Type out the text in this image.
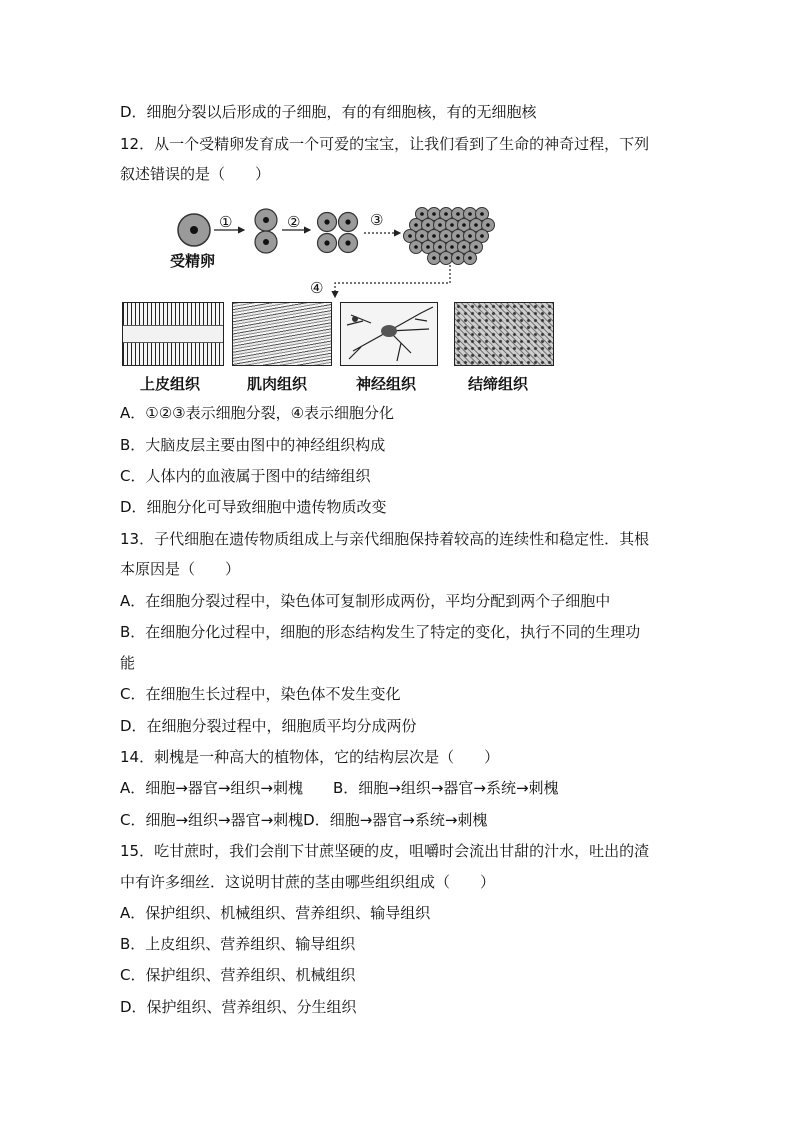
D．细胞分裂以后形成的子细胞，有的有细胞核，有的无细胞核
12．从一个受精卵发育成一个可爱的宝宝，让我们看到了生命的神奇过程，下列
叙述错误的是（　　）
受精卵
①	②	③
④
上皮组织	肌肉组织	神经组织	结缔组织
A．①②③表示细胞分裂，④表示细胞分化
B．大脑皮层主要由图中的神经组织构成
C．人体内的血液属于图中的结缔组织
D．细胞分化可导致细胞中遗传物质改变
13．子代细胞在遗传物质组成上与亲代细胞保持着较高的连续性和稳定性．其根
本原因是（　　）
A．在细胞分裂过程中，染色体可复制形成两份，平均分配到两个子细胞中
B．在细胞分化过程中，细胞的形态结构发生了特定的变化，执行不同的生理功
能
C．在细胞生长过程中，染色体不发生变化
D．在细胞分裂过程中，细胞质平均分成两份
14．刺槐是一种高大的植物体，它的结构层次是（　　）
A．细胞→器官→组织→刺槐　　B．细胞→组织→器官→系统→刺槐
C．细胞→组织→器官→刺槐D．细胞→器官→系统→刺槐
15．吃甘蔗时，我们会削下甘蔗坚硬的皮，咀嚼时会流出甘甜的汁水，吐出的渣
中有许多细丝．这说明甘蔗的茎由哪些组织组成（　　）
A．保护组织、机械组织、营养组织、输导组织
B．上皮组织、营养组织、输导组织
C．保护组织、营养组织、机械组织
D．保护组织、营养组织、分生组织
